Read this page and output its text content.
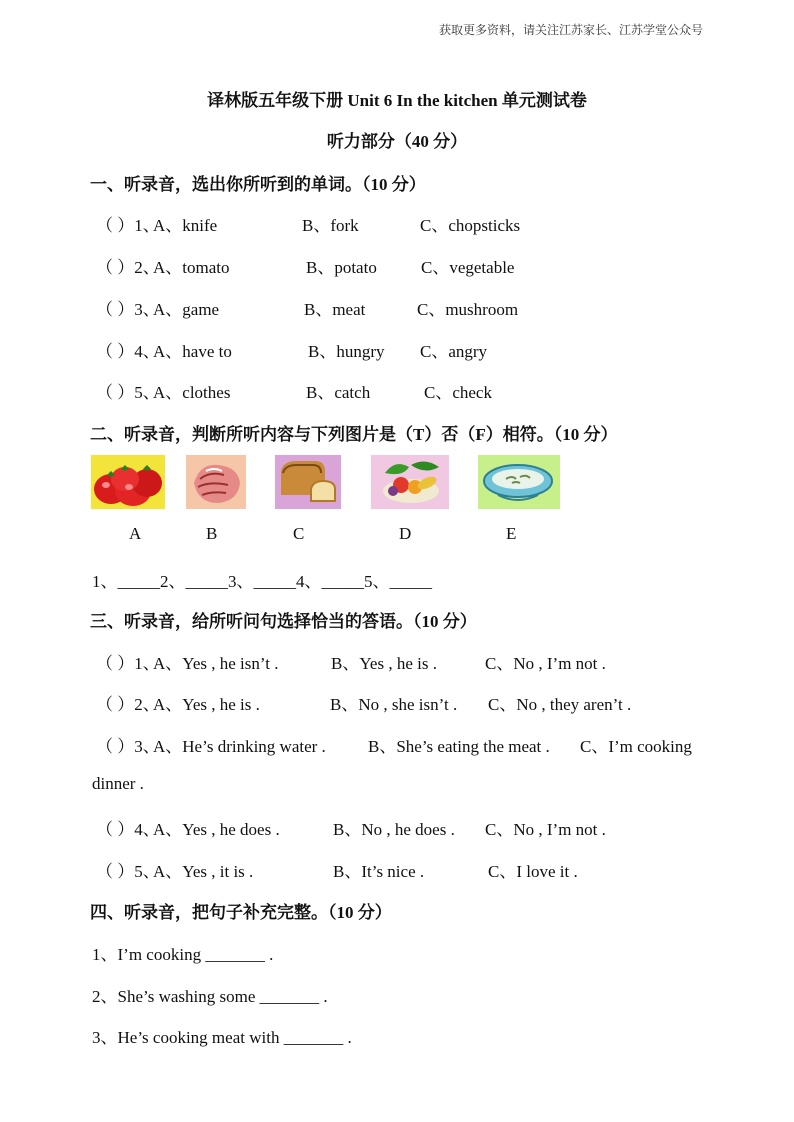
获取更多资料，请关注江苏家长、江苏学堂公众号
译林版五年级下册 Unit 6 In the kitchen 单元测试卷
听力部分（40 分）
一、听录音，选出你所听到的单词。（10 分）
（ ）1、
A、knife	B、fork	C、chopsticks
（ ）2、
A、tomato	B、potato	C、vegetable
（ ）3、
A、game	B、meat	C、mushroom
（ ）4、
A、have to	B、hungry C、angry
（ ）5、
A、clothes	B、catch	C、check
二、听录音，判断所听内容与下列图片是（T）否（F）相符。（10 分）
A	B	C	D	E
1、_____2、_____3、_____4、_____5、_____
三、听录音，给所听问句选择恰当的答语。（10 分）
（ ）1、
A、Yes , he isn’t .	B、Yes , he is .	C、No , I’m not .
（ ）2、
A、Yes , he is .	B、No , she isn’t . C、No , they aren’t .
（ ）3、
A、He’s drinking water . B、She’s eating the meat . C、I’m cooking
dinner .
（ ）4、
A、Yes , he does .	B、No , he does . C、No , I’m not .
（ ）5、
A、Yes , it is .	B、It’s nice .	C、I love it .
四、听录音，把句子补充完整。（10 分）
1、I’m cooking _______ .
2、She’s washing some _______ .
3、He’s cooking meat with _______ .
